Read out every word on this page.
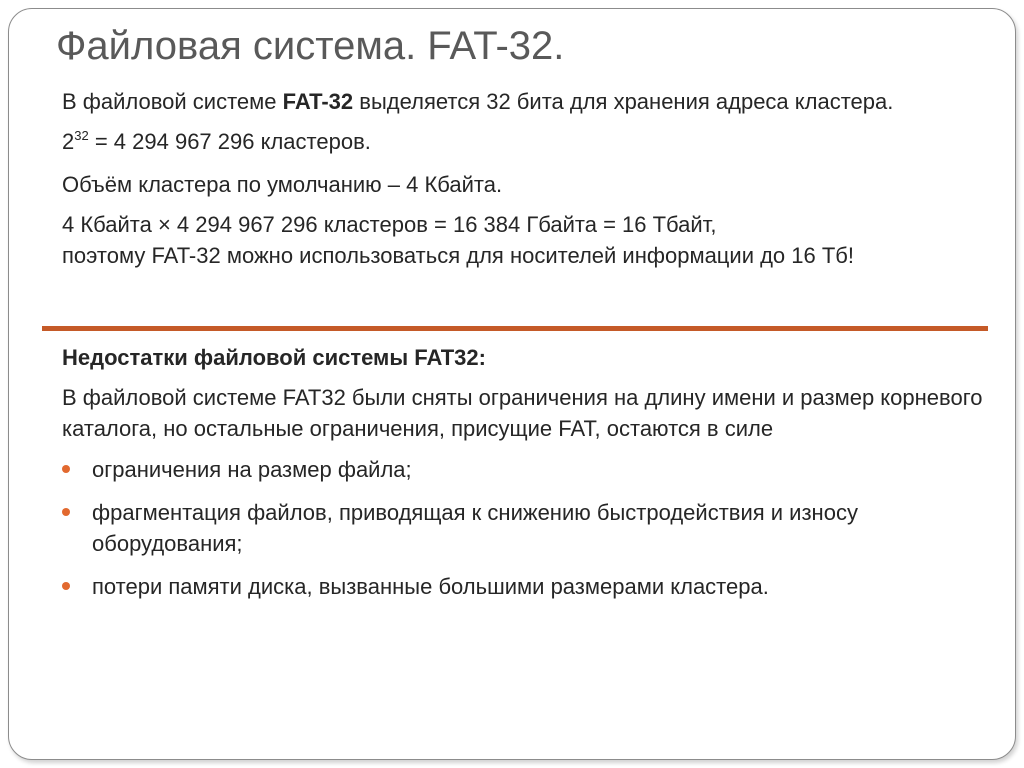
Файловая система. FAT-32.

В файловой системе FAT-32 выделяется 32 бита для хранения адреса кластера.

$2^{32} = 4$ 294 967 296 кластеров.

Объём кластера по умолчанию – 4 Кбайта.

4 Кбайта × 4 294 967 296 кластеров = 16 384 Гбайта = 16 Тбайт,
поэтому FAT-32 можно использоваться для носителей информации до 16 Тб!

Недостатки файловой системы FAT32:

В файловой системе FAT32 были сняты ограничения на длину имени и размер корневого каталога, но остальные ограничения, присущие FAT, остаются в силе

ограничения на размер файла;
фрагментация файлов, приводящая к снижению быстродействия и износу оборудования;
потери памяти диска, вызванные большими размерами кластера.
